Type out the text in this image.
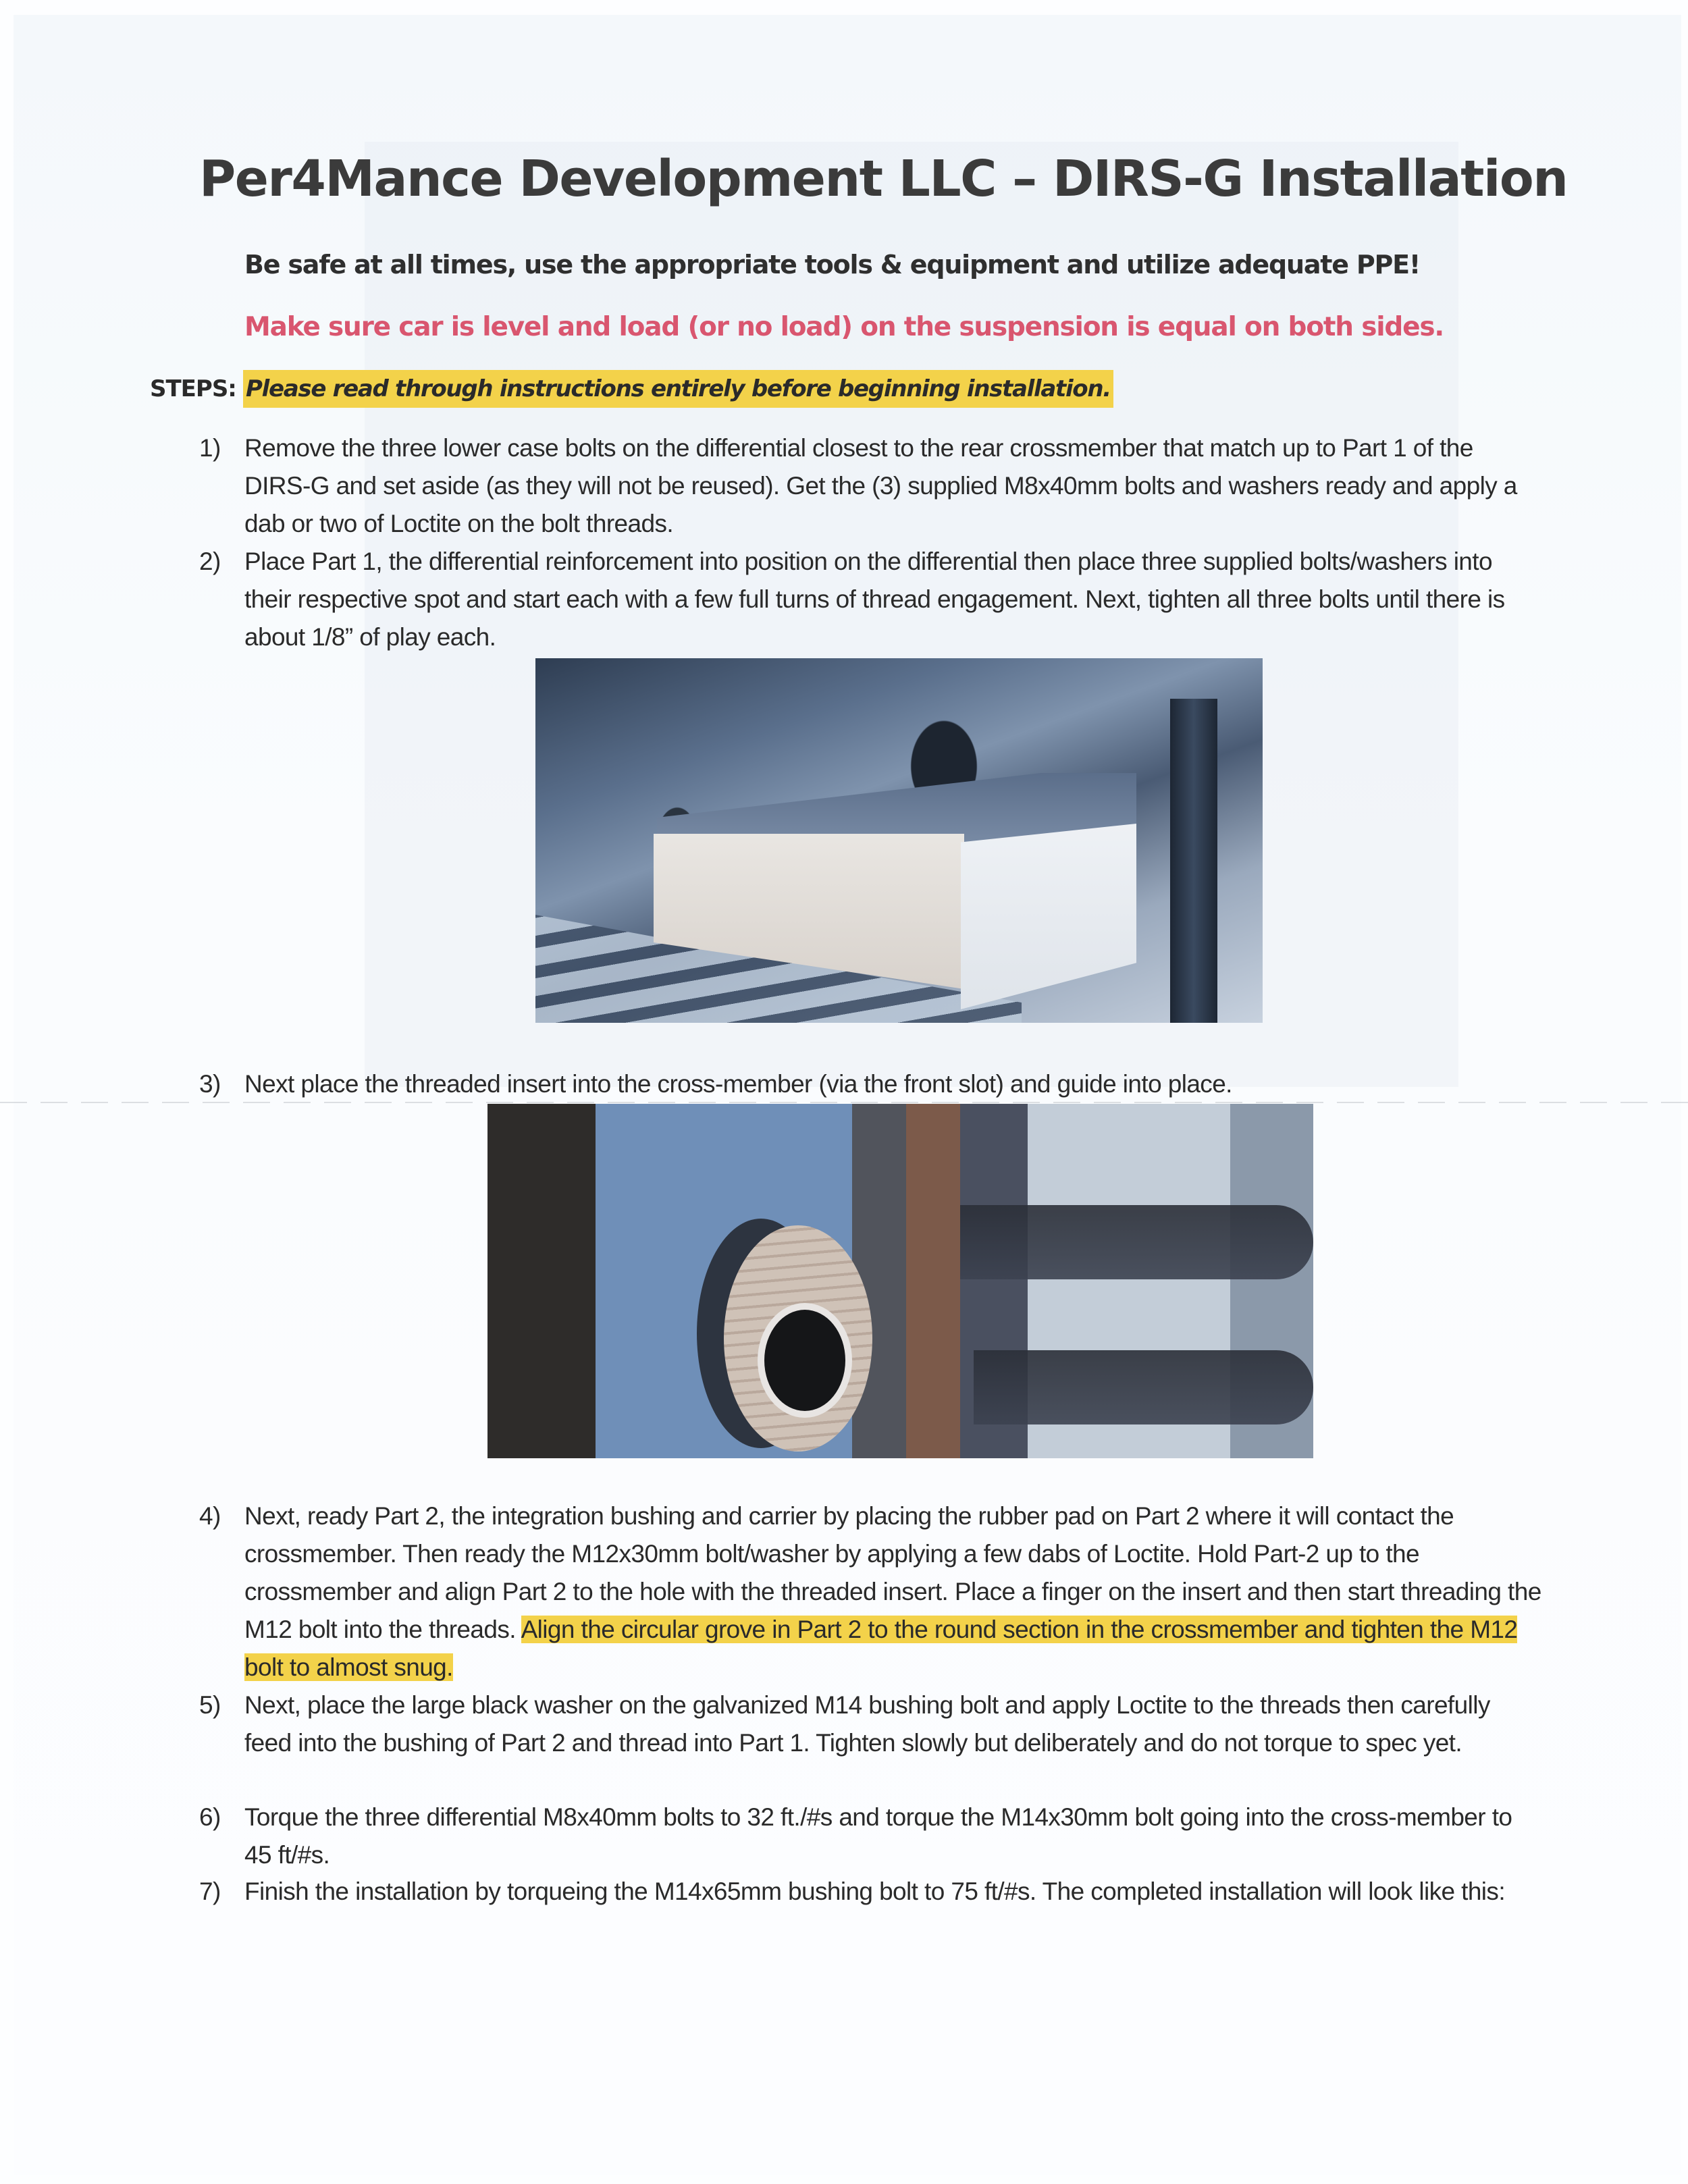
Per4Mance Development LLC – DIRS-G Installation
Be safe at all times, use the appropriate tools & equipment and utilize adequate PPE!
Make sure car is level and load (or no load) on the suspension is equal on both sides.
STEPS: Please read through instructions entirely before beginning installation.
1) Remove the three lower case bolts on the differential closest to the rear crossmember that match up to Part 1 of the DIRS-G and set aside (as they will not be reused). Get the (3) supplied M8x40mm bolts and washers ready and apply a dab or two of Loctite on the bolt threads.
2) Place Part 1, the differential reinforcement into position on the differential then place three supplied bolts/washers into their respective spot and start each with a few full turns of thread engagement. Next, tighten all three bolts until there is about 1/8” of play each.
3) Next place the threaded insert into the cross-member (via the front slot) and guide into place.
4) Next, ready Part 2, the integration bushing and carrier by placing the rubber pad on Part 2 where it will contact the crossmember. Then ready the M12x30mm bolt/washer by applying a few dabs of Loctite. Hold Part-2 up to the crossmember and align Part 2 to the hole with the threaded insert. Place a finger on the insert and then start threading the M12 bolt into the threads. Align the circular grove in Part 2 to the round section in the crossmember and tighten the M12 bolt to almost snug.
5) Next, place the large black washer on the galvanized M14 bushing bolt and apply Loctite to the threads then carefully feed into the bushing of Part 2 and thread into Part 1. Tighten slowly but deliberately and do not torque to spec yet.
6) Torque the three differential M8x40mm bolts to 32 ft./#s and torque the M14x30mm bolt going into the cross-member to 45 ft/#s.
7) Finish the installation by torqueing the M14x65mm bushing bolt to 75 ft/#s. The completed installation will look like this:
